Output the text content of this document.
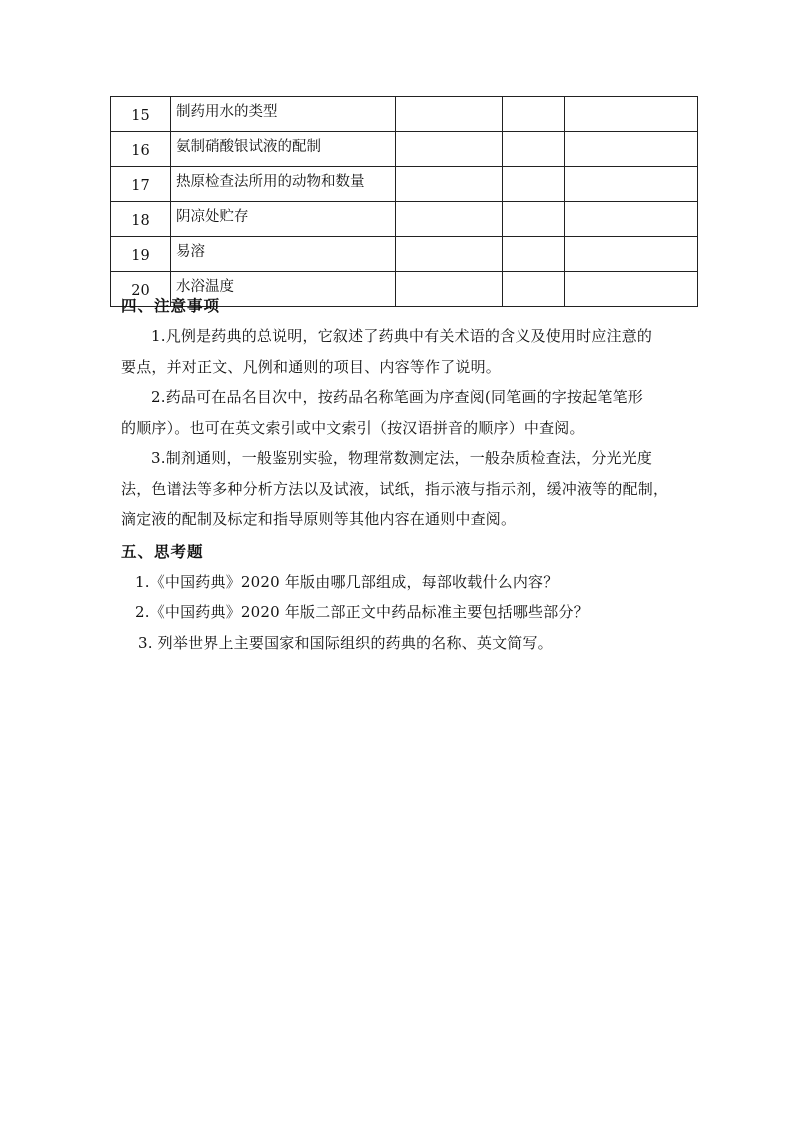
15	制药用水的类型			
16	氨制硝酸银试液的配制			
17	热原检查法所用的动物和数量			
18	阴凉处贮存			
19	易溶			
20	水浴温度			
四、注意事项
1.凡例是药典的总说明，它叙述了药典中有关术语的含义及使用时应注意的
要点，并对正文、凡例和通则的项目、内容等作了说明。
2.药品可在品名目次中，按药品名称笔画为序查阅(同笔画的字按起笔笔形
的顺序）。也可在英文索引或中文索引（按汉语拼音的顺序）中查阅。
3.制剂通则，一般鉴别实验，物理常数测定法，一般杂质检查法，分光光度
法，色谱法等多种分析方法以及试液，试纸，指示液与指示剂，缓冲液等的配制，
滴定液的配制及标定和指导原则等其他内容在通则中查阅。
五、思考题
1.《中国药典》2020 年版由哪几部组成，每部收载什么内容？
2.《中国药典》2020 年版二部正文中药品标准主要包括哪些部分？
3. 列举世界上主要国家和国际组织的药典的名称、英文简写。
